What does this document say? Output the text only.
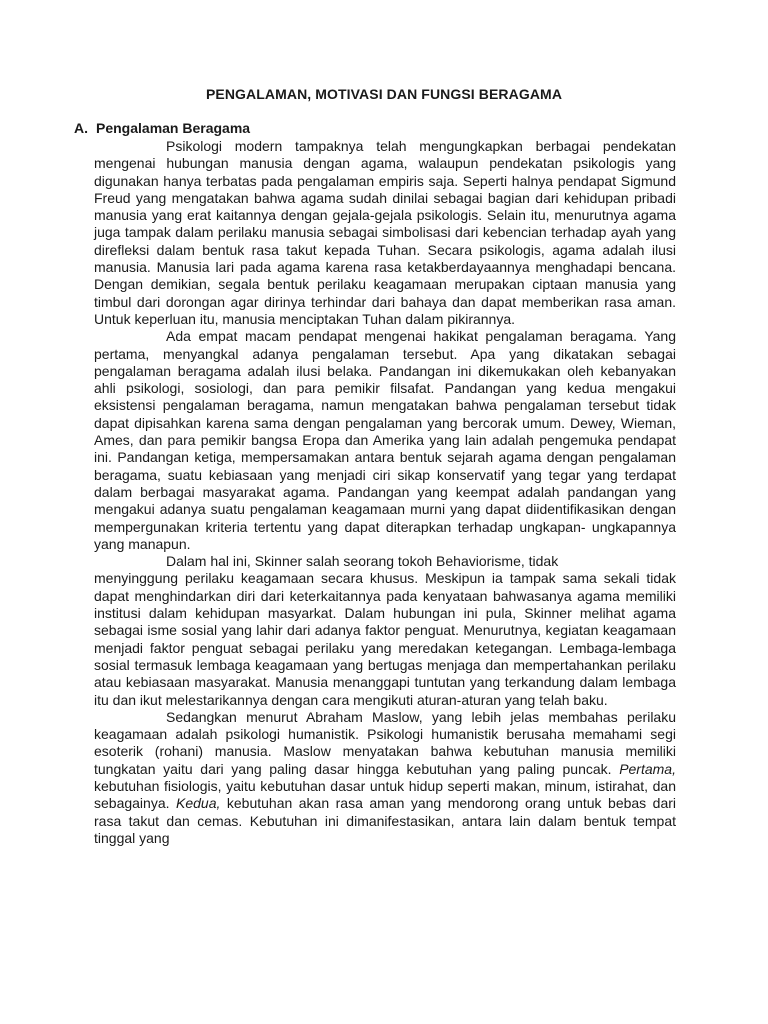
PENGALAMAN, MOTIVASI DAN FUNGSI BERAGAMA
A. Pengalaman Beragama

Psikologi modern tampaknya telah mengungkapkan berbagai pendekatan mengenai hubungan manusia dengan agama, walaupun pendekatan psikologis yang digunakan hanya terbatas pada pengalaman empiris saja. Seperti halnya pendapat Sigmund Freud yang mengatakan bahwa agama sudah dinilai sebagai bagian dari kehidupan pribadi manusia yang erat kaitannya dengan gejala-gejala psikologis. Selain itu, menurutnya agama juga tampak dalam perilaku manusia sebagai simbolisasi dari kebencian terhadap ayah yang direfleksi dalam bentuk rasa takut kepada Tuhan. Secara psikologis, agama adalah ilusi manusia. Manusia lari pada agama karena rasa ketakberdayaannya menghadapi bencana. Dengan demikian, segala bentuk perilaku keagamaan merupakan ciptaan manusia yang timbul dari dorongan agar dirinya terhindar dari bahaya dan dapat memberikan rasa aman. Untuk keperluan itu, manusia menciptakan Tuhan dalam pikirannya.

Ada empat macam pendapat mengenai hakikat pengalaman beragama. Yang pertama, menyangkal adanya pengalaman tersebut. Apa yang dikatakan sebagai pengalaman beragama adalah ilusi belaka. Pandangan ini dikemukakan oleh kebanyakan ahli psikologi, sosiologi, dan para pemikir filsafat. Pandangan yang kedua mengakui eksistensi pengalaman beragama, namun mengatakan bahwa pengalaman tersebut tidak dapat dipisahkan karena sama dengan pengalaman yang bercorak umum. Dewey, Wieman, Ames, dan para pemikir bangsa Eropa dan Amerika yang lain adalah pengemuka pendapat ini. Pandangan ketiga, mempersamakan antara bentuk sejarah agama dengan pengalaman beragama, suatu kebiasaan yang menjadi ciri sikap konservatif yang tegar yang terdapat dalam berbagai masyarakat agama. Pandangan yang keempat adalah pandangan yang mengakui adanya suatu pengalaman keagamaan murni yang dapat diidentifikasikan dengan mempergunakan kriteria tertentu yang dapat diterapkan terhadap ungkapan- ungkapannya yang manapun.

Dalam hal ini, Skinner salah seorang tokoh Behaviorisme, tidak

menyinggung perilaku keagamaan secara khusus. Meskipun ia tampak sama sekali tidak dapat menghindarkan diri dari keterkaitannya pada kenyataan bahwasanya agama memiliki institusi dalam kehidupan masyarkat. Dalam hubungan ini pula, Skinner melihat agama sebagai isme sosial yang lahir dari adanya faktor penguat. Menurutnya, kegiatan keagamaan menjadi faktor penguat sebagai perilaku yang meredakan ketegangan. Lembaga-lembaga sosial termasuk lembaga keagamaan yang bertugas menjaga dan mempertahankan perilaku atau kebiasaan masyarakat. Manusia menanggapi tuntutan yang terkandung dalam lembaga itu dan ikut melestarikannya dengan cara mengikuti aturan-aturan yang telah baku.

Sedangkan menurut Abraham Maslow, yang lebih jelas membahas perilaku keagamaan adalah psikologi humanistik. Psikologi humanistik berusaha memahami segi esoterik (rohani) manusia. Maslow menyatakan bahwa kebutuhan manusia memiliki tungkatan yaitu dari yang paling dasar hingga kebutuhan yang paling puncak. Pertama, kebutuhan fisiologis, yaitu kebutuhan dasar untuk hidup seperti makan, minum, istirahat, dan sebagainya. Kedua, kebutuhan akan rasa aman yang mendorong orang untuk bebas dari rasa takut dan cemas. Kebutuhan ini dimanifestasikan, antara lain dalam bentuk tempat tinggal yang
